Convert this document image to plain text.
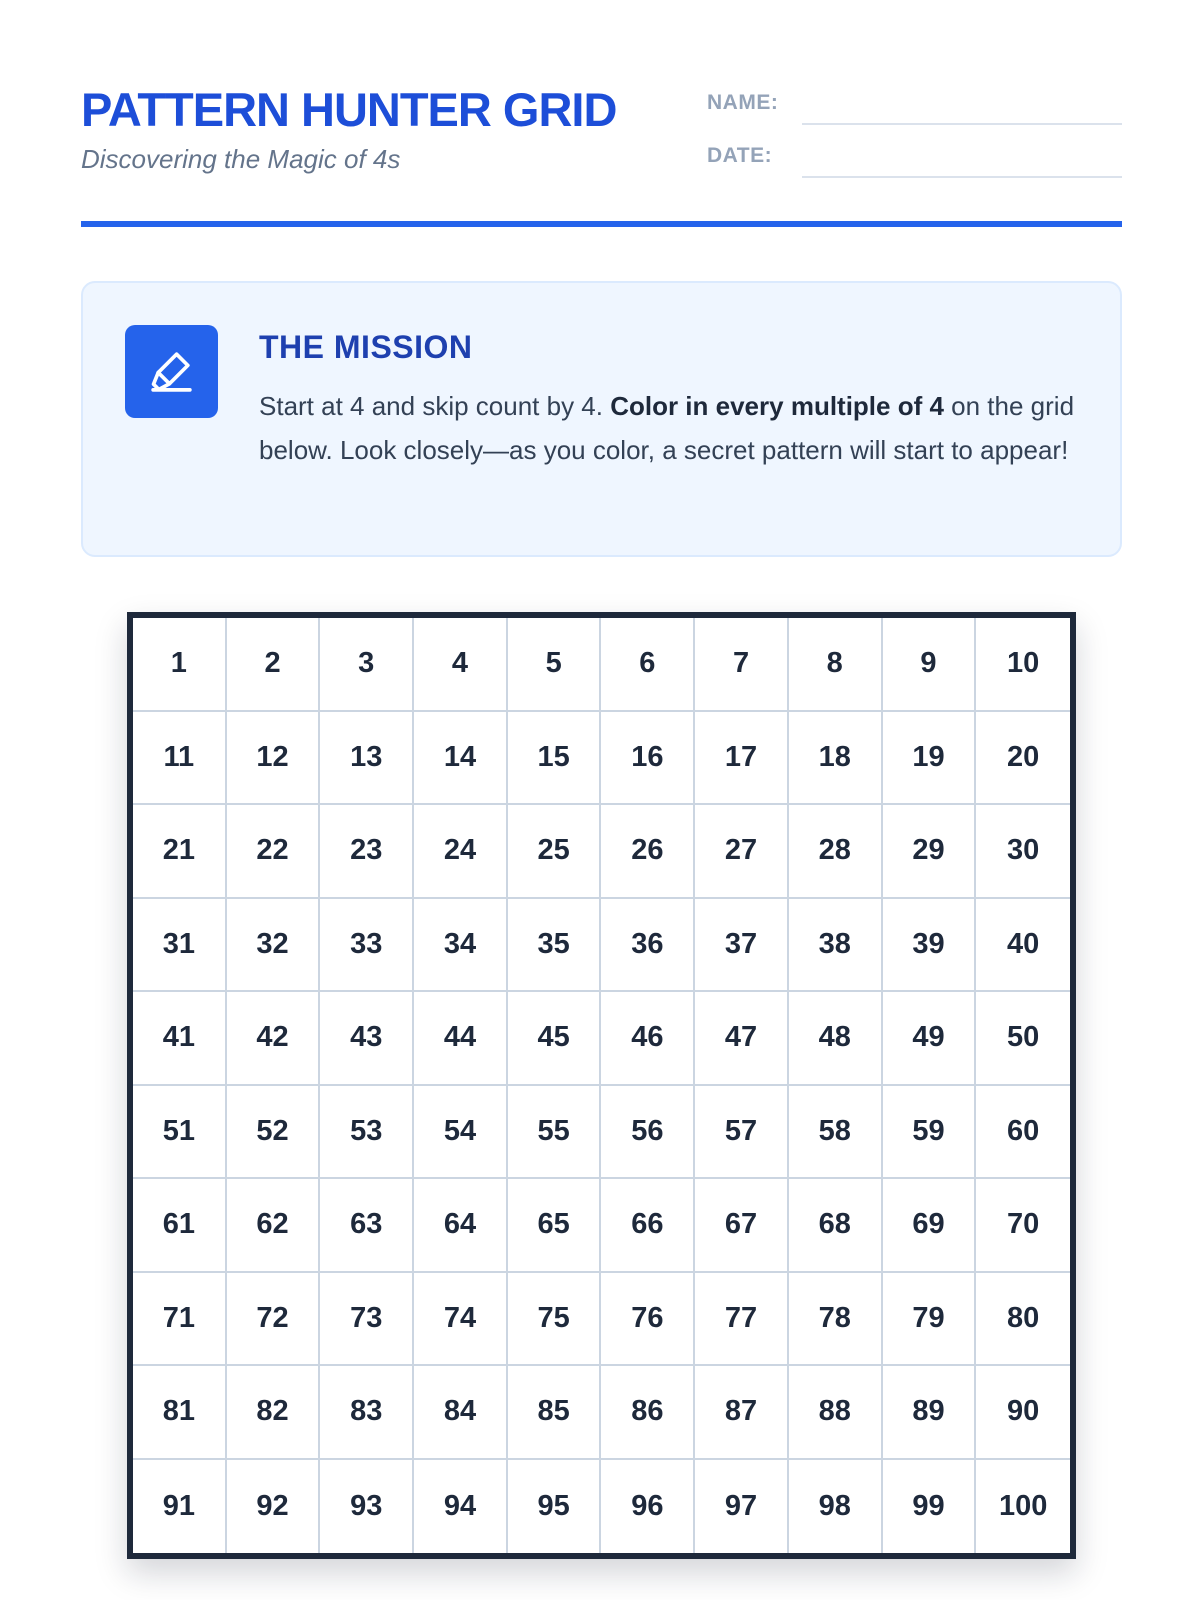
PATTERN HUNTER GRID
Discovering the Magic of 4s
NAME:
DATE:
THE MISSION

Start at 4 and skip count by 4. Color in every multiple of 4 on the grid below. Look closely—as you color, a secret pattern will start to appear!

1	2	3	4	5	6	7	8	9	10
11	12	13	14	15	16	17	18	19	20
21	22	23	24	25	26	27	28	29	30
31	32	33	34	35	36	37	38	39	40
41	42	43	44	45	46	47	48	49	50
51	52	53	54	55	56	57	58	59	60
61	62	63	64	65	66	67	68	69	70
71	72	73	74	75	76	77	78	79	80
81	82	83	84	85	86	87	88	89	90
91	92	93	94	95	96	97	98	99	100
